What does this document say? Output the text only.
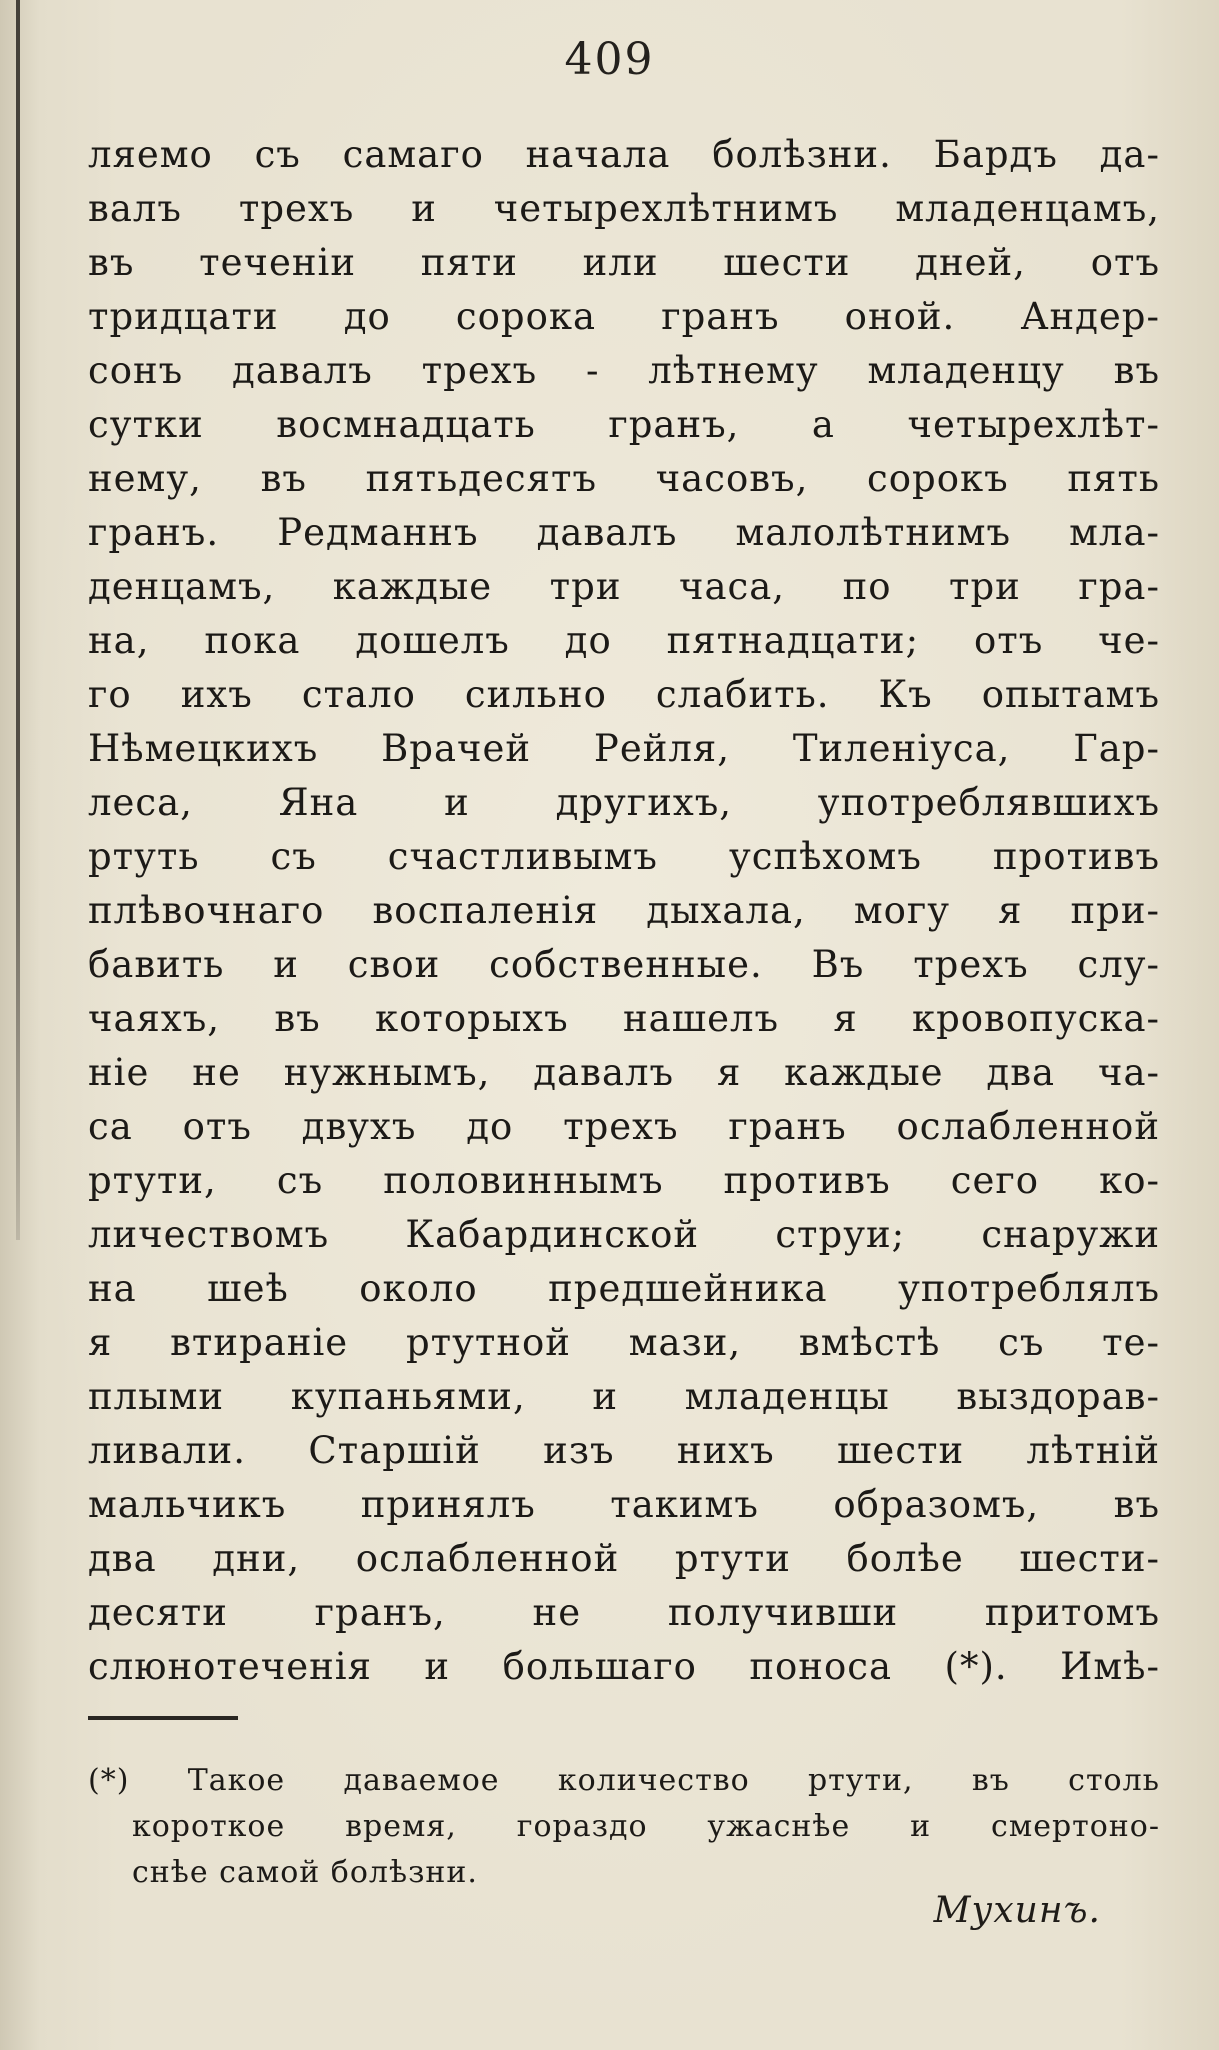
409
ляемо съ самаго начала болѣзни. Бардъ да-
валъ трехъ и четырехлѣтнимъ младенцамъ,
въ теченіи пяти или шести дней, отъ
тридцати до сорока гранъ оной. Андер-
сонъ давалъ трехъ - лѣтнему младенцу въ
сутки восмнадцать гранъ, а четырехлѣт-
нему, въ пятьдесятъ часовъ, сорокъ пять
гранъ. Редманнъ давалъ малолѣтнимъ мла-
денцамъ, каждые три часа, по три гра-
на, пока дошелъ до пятнадцати; отъ че-
го ихъ стало сильно слабить. Къ опытамъ
Нѣмецкихъ Врачей Рейля, Тиленіуса, Гар-
леса, Яна и другихъ, употреблявшихъ
ртуть съ счастливымъ успѣхомъ противъ
плѣвочнаго воспаленія дыхала, могу я при-
бавить и свои собственные. Въ трехъ слу-
чаяхъ, въ которыхъ нашелъ я кровопуска-
ніе не нужнымъ, давалъ я каждые два ча-
са отъ двухъ до трехъ гранъ ослабленной
ртути, съ половиннымъ противъ сего ко-
личествомъ Кабардинской струи; снаружи
на шеѣ около предшейника употреблялъ
я втираніе ртутной мази, вмѣстѣ съ те-
плыми купаньями, и младенцы выздорав-
ливали. Старшій изъ нихъ шести лѣтній
мальчикъ принялъ такимъ образомъ, въ
два дни, ослабленной ртути болѣе шести-
десяти гранъ, не получивши притомъ
слюнотеченія и большаго поноса (*). Имѣ-
(*) Такое даваемое количество ртути, въ столь
короткое время, гораздо ужаснѣе и смертоно-
снѣе самой болѣзни.
Мухинъ.
